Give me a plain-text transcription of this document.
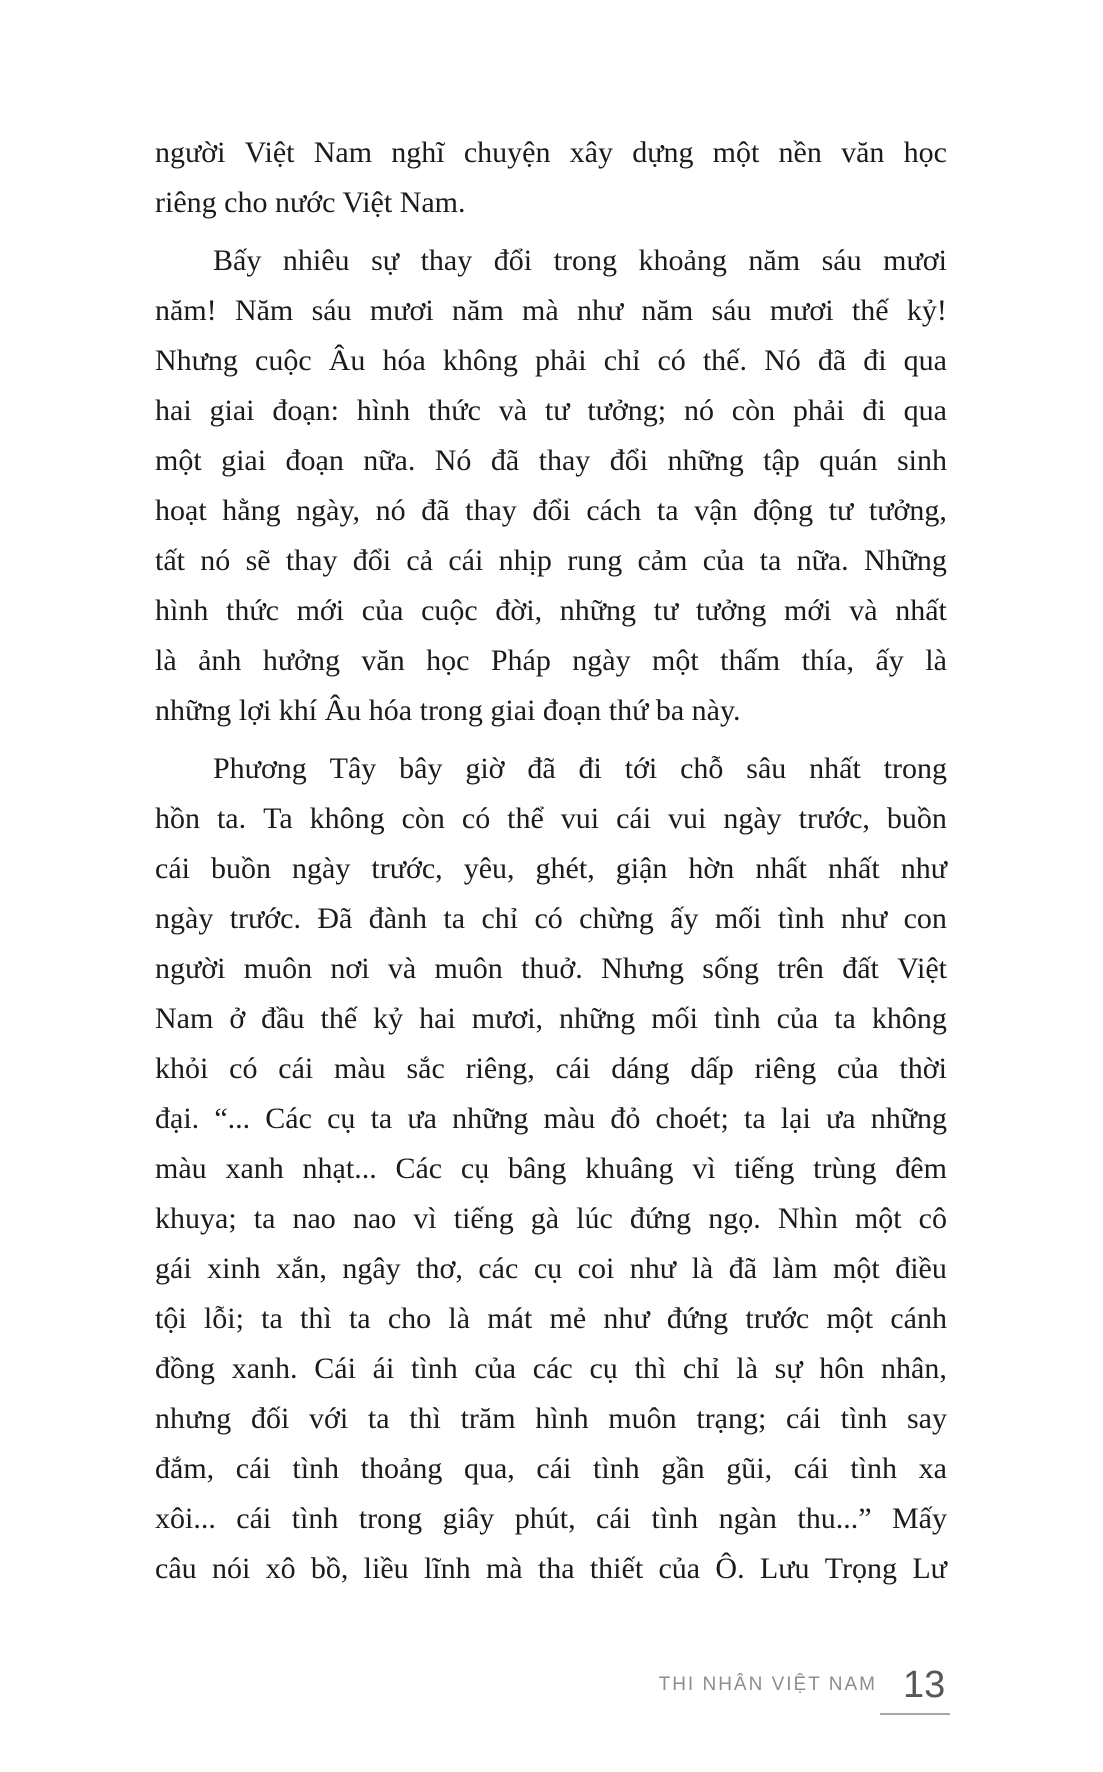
người Việt Nam nghĩ chuyện xây dựng một nền văn học
riêng cho nước Việt Nam.
Bấy nhiêu sự thay đổi trong khoảng năm sáu mươi
năm! Năm sáu mươi năm mà như năm sáu mươi thế kỷ!
Nhưng cuộc Âu hóa không phải chỉ có thế. Nó đã đi qua
hai giai đoạn: hình thức và tư tưởng; nó còn phải đi qua
một giai đoạn nữa. Nó đã thay đổi những tập quán sinh
hoạt hằng ngày, nó đã thay đổi cách ta vận động tư tưởng,
tất nó sẽ thay đổi cả cái nhịp rung cảm của ta nữa. Những
hình thức mới của cuộc đời, những tư tưởng mới và nhất
là ảnh hưởng văn học Pháp ngày một thấm thía, ấy là
những lợi khí Âu hóa trong giai đoạn thứ ba này.
Phương Tây bây giờ đã đi tới chỗ sâu nhất trong
hồn ta. Ta không còn có thể vui cái vui ngày trước, buồn
cái buồn ngày trước, yêu, ghét, giận hờn nhất nhất như
ngày trước. Đã đành ta chỉ có chừng ấy mối tình như con
người muôn nơi và muôn thuở. Nhưng sống trên đất Việt
Nam ở đầu thế kỷ hai mươi, những mối tình của ta không
khỏi có cái màu sắc riêng, cái dáng dấp riêng của thời
đại. “... Các cụ ta ưa những màu đỏ choét; ta lại ưa những
màu xanh nhạt... Các cụ bâng khuâng vì tiếng trùng đêm
khuya; ta nao nao vì tiếng gà lúc đứng ngọ. Nhìn một cô
gái xinh xắn, ngây thơ, các cụ coi như là đã làm một điều
tội lỗi; ta thì ta cho là mát mẻ như đứng trước một cánh
đồng xanh. Cái ái tình của các cụ thì chỉ là sự hôn nhân,
nhưng đối với ta thì trăm hình muôn trạng; cái tình say
đắm, cái tình thoảng qua, cái tình gần gũi, cái tình xa
xôi... cái tình trong giây phút, cái tình ngàn thu...” Mấy
câu nói xô bồ, liều lĩnh mà tha thiết của Ô. Lưu Trọng Lư
THI NHÂN VIỆT NAM 13
